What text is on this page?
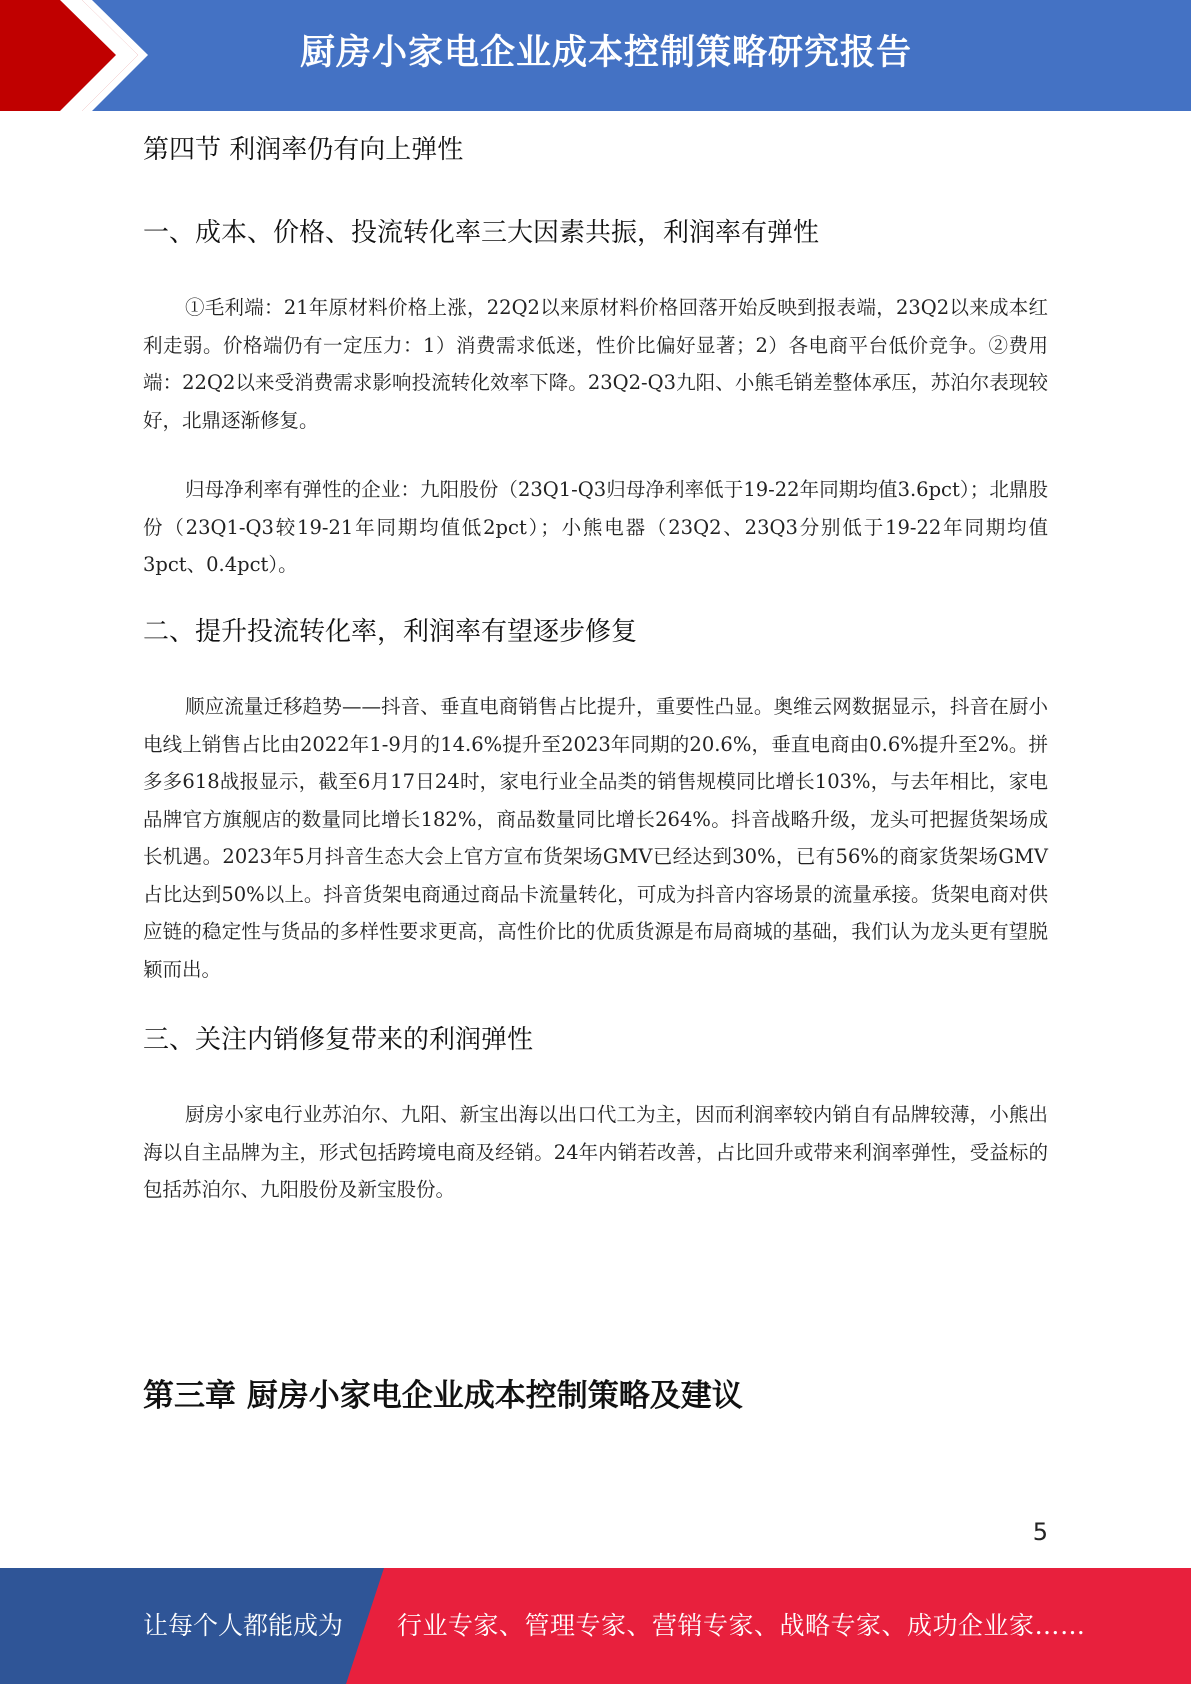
厨房小家电企业成本控制策略研究报告
第四节 利润率仍有向上弹性
一、成本、价格、投流转化率三大因素共振，利润率有弹性
①毛利端：21年原材料价格上涨，22Q2以来原材料价格回落开始反映到报表端，23Q2以来成本红利走弱。价格端仍有一定压力：1）消费需求低迷，性价比偏好显著；2）各电商平台低价竞争。②费用端：22Q2以来受消费需求影响投流转化效率下降。23Q2-Q3九阳、小熊毛销差整体承压，苏泊尔表现较好，北鼎逐渐修复。
归母净利率有弹性的企业：九阳股份（23Q1-Q3归母净利率低于19-22年同期均值3.6pct）；北鼎股份（23Q1-Q3较19-21年同期均值低2pct）；小熊电器（23Q2、23Q3分别低于19-22年同期均值3pct、0.4pct）。
二、提升投流转化率，利润率有望逐步修复
顺应流量迁移趋势——抖音、垂直电商销售占比提升，重要性凸显。奥维云网数据显示，抖音在厨小电线上销售占比由2022年1-9月的14.6%提升至2023年同期的20.6%，垂直电商由0.6%提升至2%。拼多多618战报显示，截至6月17日24时，家电行业全品类的销售规模同比增长103%，与去年相比，家电品牌官方旗舰店的数量同比增长182%，商品数量同比增长264%。抖音战略升级，龙头可把握货架场成长机遇。2023年5月抖音生态大会上官方宣布货架场GMV已经达到30%，已有56%的商家货架场GMV占比达到50%以上。抖音货架电商通过商品卡流量转化，可成为抖音内容场景的流量承接。货架电商对供应链的稳定性与货品的多样性要求更高，高性价比的优质货源是布局商城的基础，我们认为龙头更有望脱颖而出。
三、关注内销修复带来的利润弹性
厨房小家电行业苏泊尔、九阳、新宝出海以出口代工为主，因而利润率较内销自有品牌较薄，小熊出海以自主品牌为主，形式包括跨境电商及经销。24年内销若改善，占比回升或带来利润率弹性，受益标的包括苏泊尔、九阳股份及新宝股份。
第三章 厨房小家电企业成本控制策略及建议
5
让每个人都能成为 行业专家、管理专家、营销专家、战略专家、成功企业家……
